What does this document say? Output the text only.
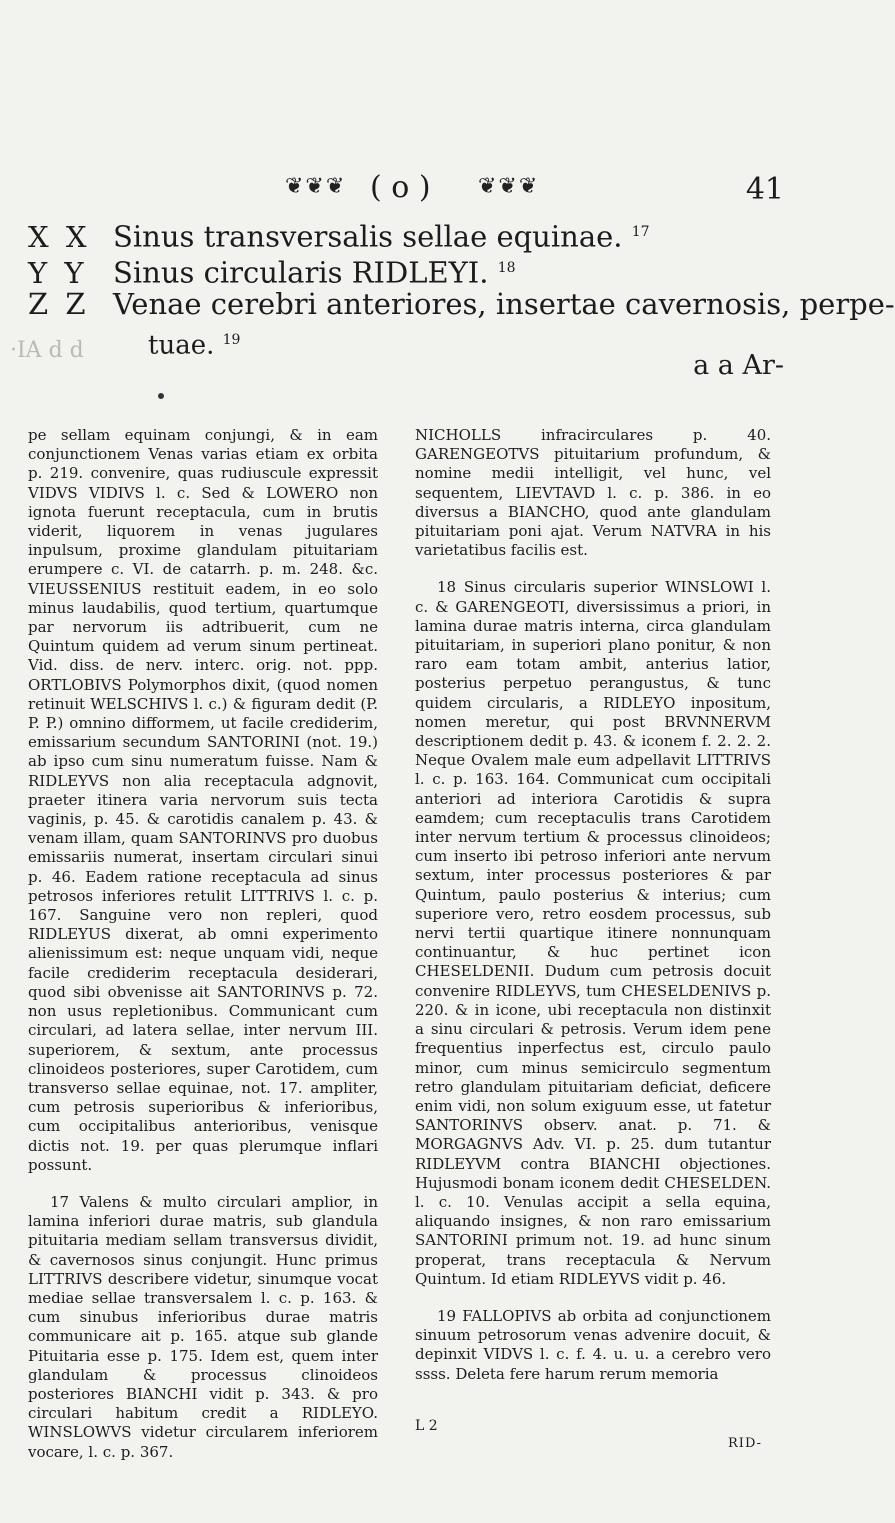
❦❦❦ ( o ) ❦❦❦	41
X X Sinus transversalis sellae equinae. $^{17}$
Y Y Sinus circularis RIDLEYI. $^{18}$
Z Z Venae cerebri anteriores, insertae cavernosis, perpe-
tuae. $^{19}$
·IA d d	a a Ar-

pe sellam equinam conjungi, & in eam conjunctionem Venas varias etiam ex orbita p. 219. convenire, quas rudiuscule expressit VIDVS VIDIVS l. c. Sed & LOWERO non ignota fuerunt receptacula, cum in brutis viderit, liquorem in venas jugulares inpulsum, proxime glandulam pituitariam erumpere c. VI. de catarrh. p. m. 248. &c. VIEUSSENIUS restituit eadem, in eo solo minus laudabilis, quod tertium, quartumque par nervorum iis adtribuerit, cum ne Quintum quidem ad verum sinum pertineat. Vid. diss. de nerv. interc. orig. not. ppp. ORTLOBIVS Polymorphos dixit, (quod nomen retinuit WELSCHIVS l. c.) & figuram dedit (P. P. P.) omnino difformem, ut facile crediderim, emissarium secundum SANTORINI (not. 19.) ab ipso cum sinu numeratum fuisse. Nam & RIDLEYVS non alia receptacula adgnovit, praeter itinera varia nervorum suis tecta vaginis, p. 45. & carotidis canalem p. 43. & venam illam, quam SANTORINVS pro duobus emissariis numerat, insertam circulari sinui p. 46. Eadem ratione receptacula ad sinus petrosos inferiores retulit LITTRIVS l. c. p. 167. Sanguine vero non repleri, quod RIDLEYUS dixerat, ab omni experimento alienissimum est: neque unquam vidi, neque facile crediderim receptacula desiderari, quod sibi obvenisse ait SANTORINVS p. 72. non usus repletionibus. Communicant cum circulari, ad latera sellae, inter nervum III. superiorem, & sextum, ante processus clinoideos posteriores, super Carotidem, cum transverso sellae equinae, not. 17. ampliter, cum petrosis superioribus & inferioribus, cum occipitalibus anterioribus, venisque dictis not. 19. per quas plerumque inflari possunt.

17 Valens & multo circulari amplior, in lamina inferiori durae matris, sub glandula pituitaria mediam sellam transversus dividit, & cavernosos sinus conjungit. Hunc primus LITTRIVS describere videtur, sinumque vocat mediae sellae transversalem l. c. p. 163. & cum sinubus inferioribus durae matris communicare ait p. 165. atque sub glande Pituitaria esse p. 175. Idem est, quem inter glandulam & processus clinoideos posteriores BIANCHI vidit p. 343. & pro circulari habitum credit a RIDLEYO. WINSLOWVS videtur circularem inferiorem vocare, l. c. p. 367.

NICHOLLS infracirculares p. 40. GARENGEOTVS pituitarium profundum, & nomine medii intelligit, vel hunc, vel sequentem, LIEVTAVD l. c. p. 386. in eo diversus a BIANCHO, quod ante glandulam pituitariam poni ajat. Verum NATVRA in his varietatibus facilis est.

18 Sinus circularis superior WINSLOWI l. c. & GARENGEOTI, diversissimus a priori, in lamina durae matris interna, circa glandulam pituitariam, in superiori plano ponitur, & non raro eam totam ambit, anterius latior, posterius perpetuo perangustus, & tunc quidem circularis, a RIDLEYO inpositum, nomen meretur, qui post BRVNNERVM descriptionem dedit p. 43. & iconem f. 2. 2. 2. Neque Ovalem male eum adpellavit LITTRIVS l. c. p. 163. 164. Communicat cum occipitali anteriori ad interiora Carotidis & supra eamdem; cum receptaculis trans Carotidem inter nervum tertium & processus clinoideos; cum inserto ibi petroso inferiori ante nervum sextum, inter processus posteriores & par Quintum, paulo posterius & interius; cum superiore vero, retro eosdem processus, sub nervi tertii quartique itinere nonnunquam continuantur, & huc pertinet icon CHESELDENII. Dudum cum petrosis docuit convenire RIDLEYVS, tum CHESELDENIVS p. 220. & in icone, ubi receptacula non distinxit a sinu circulari & petrosis. Verum idem pene frequentius inperfectus est, circulo paulo minor, cum minus semicirculo segmentum retro glandulam pituitariam deficiat, deficere enim vidi, non solum exiguum esse, ut fatetur SANTORINVS observ. anat. p. 71. & MORGAGNVS Adv. VI. p. 25. dum tutantur RIDLEYVM contra BIANCHI objectiones. Hujusmodi bonam iconem dedit CHESELDEN. l. c. 10. Venulas accipit a sella equina, aliquando insignes, & non raro emissarium SANTORINI primum not. 19. ad hunc sinum properat, trans receptacula & Nervum Quintum. Id etiam RIDLEYVS vidit p. 46.

19 FALLOPIVS ab orbita ad conjunctionem sinuum petrosorum venas advenire docuit, & depinxit VIDVS l. c. f. 4. u. u. a cerebro vero ssss. Deleta fere harum rerum memoria

L 2
RID-
